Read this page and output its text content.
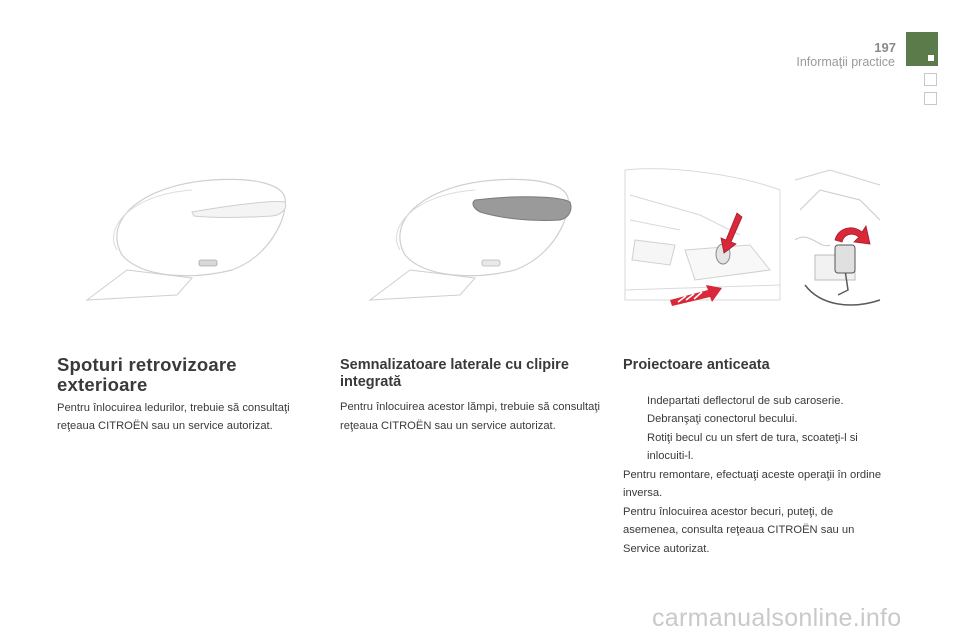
197
Informaţii practice
Spoturi retrovizoare exterioare

Pentru înlocuirea ledurilor, trebuie să consultaţi reţeaua CITROËN sau un service autorizat.

Semnalizatoare laterale cu clipire integrată

Pentru înlocuirea acestor lămpi, trebuie să consultaţi reţeaua CITROËN sau un service autorizat.

Proiectoare anticeata
Indepartati deflectorul de sub caroserie.
Debranşaţi conectorul becului.
Rotiţi becul cu un sfert de tura, scoateţi-l si inlocuiti-l.

Pentru remontare, efectuaţi aceste operaţii în ordine inversa.

Pentru înlocuirea acestor becuri, puteţi, de asemenea, consulta reţeaua CITROËN sau un Service autorizat.

carmanualsonline.info
